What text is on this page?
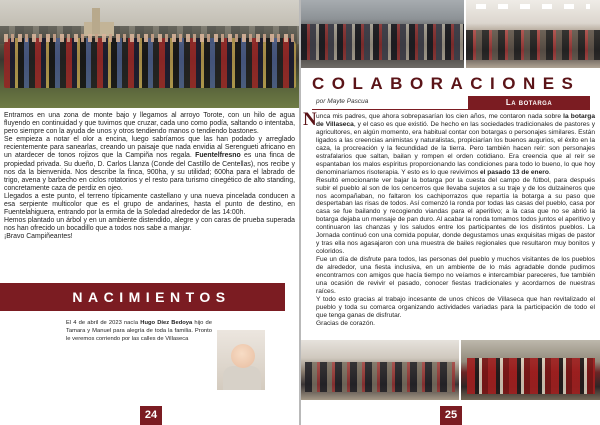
Entramos en una zona de monte bajo y llegamos al arroyo Torote, con un hilo de agua fluyendo en continuidad y que tuvimos que cruzar, cada uno como podía, saltando o intentaba, pero siempre con la ayuda de unos y otros tendiendo manos o tendiendo bastones.

Se empieza a notar el olor a encina, luego sabríamos que las han podado y arreglado recientemente para sanearlas, creando un paisaje que nada envidia al Serengueti africano en un atardecer de tonos rojizos que la Campiña nos regala. Fuentelfresno es una finca de propiedad privada. Su dueño, D. Carlos Llanza (Conde del Castillo de Centellas), nos recibe y nos da la bienvenida. Nos describe la finca, 900ha, y su utilidad; 600ha para el labrado de trigo, avena y barbecho en ciclos rotatorios y el resto para turismo cinegético de alto standing, concretamente caza de perdiz en ojeo.

Llegados a este punto, el terreno típicamente castellano y una nueva pincelada conducen a esa serpiente multicolor que es el grupo de andarines, hasta el punto de destino, en Fuentelahiguera, entrando por la ermita de la Soledad alrededor de las 14:00h.

Hemos plantado un árbol y en un ambiente distendido, alegre y con caras de prueba superada nos han ofrecido un bocadillo que a todos nos sabe a manjar.

¡Bravo Campiñeantes!

NACIMIENTOS

El 4 de abril de 2023 nacía Hugo Díez Bedoya hijo de Tamara y Manuel para alegría de toda la familia. Pronto le veremos corriendo por las calles de Villaseca

24
COLABORACIONES
por Mayte Pascua	La botarga
N unca mis padres, que ahora sobrepasarían los cien años, me contaron nada sobre la botarga de Villaseca, y el caso es que existió. De hecho en las sociedades tradicionales de pastores y agricultores, en algún momento, era habitual contar con botargas o personajes similares. Están ligados a las creencias animistas y naturalistas, propiciarían los buenos augurios, el éxito en la caza, la procreación y la fecundidad de la tierra. Pero también hacen reír: son personajes estrafalarios que saltan, bailan y rompen el orden cotidiano. Era creencia que al reír se espantaban los malos espíritus proporcionando las condiciones para todo lo bueno, lo que hoy denominaríamos risoterapia. Y esto es lo que revivimos el pasado 13 de enero.

Resultó emocionante ver bajar la botarga por la cuesta del campo de fútbol, para después subir el pueblo al son de los cencerros que llevaba sujetos a su traje y de los dulzaineros que nos acompañaban, no faltaron los cachiporrazos que repartía la botarga a su paso que despertaban las risas de todos. Así comenzó la ronda por todas las casas del pueblo, casa por casa se fue bailando y recogiendo viandas para el aperitivo; a la casa que no se abrió la botarga dejaba un mensaje de pan duro. Al acabar la ronda tomamos todos juntos el aperitivo y continuaron las chanzas y los saludos entre los participantes de los distintos pueblos. La Jornada continuó con una comida popular, donde degustamos unas exquisitas migas de pastor y tras ella nos agasajaron con una muestra de bailes regionales que resultaron muy bonitos y coloridos.

Fue un día de disfrute para todos, las personas del pueblo y muchos visitantes de los pueblos de alrededor, una fiesta inclusiva, en un ambiente de lo más agradable donde pudimos encontrarnos con amigos que hacía tiempo no veíamos e intercambiar pareceres, fue también una ocasión de revivir el pasado, conocer fiestas tradicionales y acordarnos de nuestras raíces.

Y todo esto gracias al trabajo incesante de unos chicos de Villaseca que han revitalizado el pueblo y toda su comarca organizando actividades variadas para la participación de todo el que tenga ganas de disfrutar.

Gracias de corazón.

25
